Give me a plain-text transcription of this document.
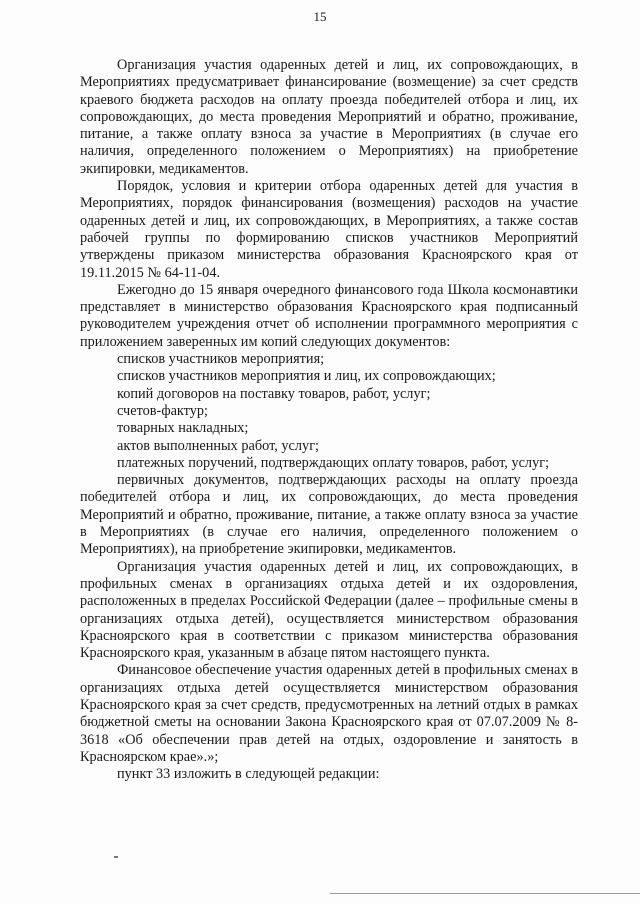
15

Организация участия одаренных детей и лиц, их сопровождающих, в Мероприятиях предусматривает финансирование (возмещение) за счет средств краевого бюджета расходов на оплату проезда победителей отбора и лиц, их сопровождающих, до места проведения Мероприятий и обратно, проживание, питание, а также оплату взноса за участие в Мероприятиях (в случае его наличия, определенного положением о Мероприятиях) на приобретение экипировки, медикаментов.

Порядок, условия и критерии отбора одаренных детей для участия в Мероприятиях, порядок финансирования (возмещения) расходов на участие одаренных детей и лиц, их сопровождающих, в Мероприятиях, а также состав рабочей группы по формированию списков участников Мероприятий утверждены приказом министерства образования Красноярского края от 19.11.2015 № 64-11-04.

Ежегодно до 15 января очередного финансового года Школа космонавтики представляет в министерство образования Красноярского края подписанный руководителем учреждения отчет об исполнении программного мероприятия с приложением заверенных им копий следующих документов:

списков участников мероприятия;

списков участников мероприятия и лиц, их сопровождающих;

копий договоров на поставку товаров, работ, услуг;

счетов-фактур;

товарных накладных;

актов выполненных работ, услуг;

платежных поручений, подтверждающих оплату товаров, работ, услуг;

первичных документов, подтверждающих расходы на оплату проезда победителей отбора и лиц, их сопровождающих, до места проведения Мероприятий и обратно, проживание, питание, а также оплату взноса за участие в Мероприятиях (в случае его наличия, определенного положением о Мероприятиях), на приобретение экипировки, медикаментов.

Организация участия одаренных детей и лиц, их сопровождающих, в профильных сменах в организациях отдыха детей и их оздоровления, расположенных в пределах Российской Федерации (далее – профильные смены в организациях отдыха детей), осуществляется министерством образования Красноярского края в соответствии с приказом министерства образования Красноярского края, указанным в абзаце пятом настоящего пункта.

Финансовое обеспечение участия одаренных детей в профильных сменах в организациях отдыха детей осуществляется министерством образования Красноярского края за счет средств, предусмотренных на летний отдых в рамках бюджетной сметы на основании Закона Красноярского края от 07.07.2009 № 8-3618 «Об обеспечении прав детей на отдых, оздоровление и занятость в Красноярском крае».»;

пункт 33 изложить в следующей редакции:
